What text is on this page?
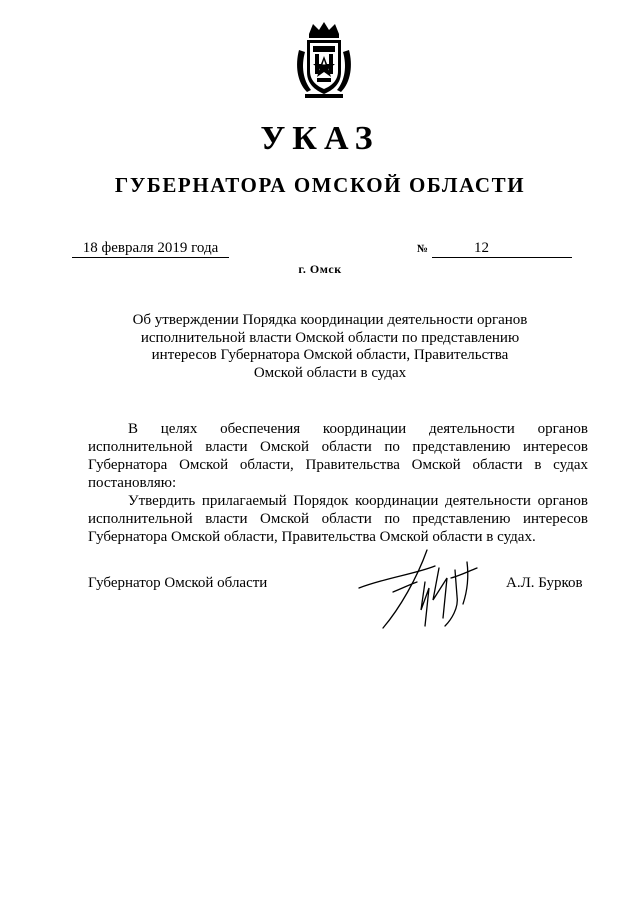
УКАЗ
ГУБЕРНАТОРА ОМСКОЙ ОБЛАСТИ
18 февраля 2019 года	№	12
г. Омск
Об утверждении Порядка координации деятельности органов
исполнительной власти Омской области по представлению
интересов Губернатора Омской области, Правительства
Омской области в судах

В целях обеспечения координации деятельности органов исполнительной власти Омской области по представлению интересов Губернатора Омской области, Правительства Омской области в судах постановляю:

Утвердить прилагаемый Порядок координации деятельности органов исполнительной власти Омской области по представлению интересов Губернатора Омской области, Правительства Омской области в судах.

Губернатор Омской области	А.Л. Бурков
